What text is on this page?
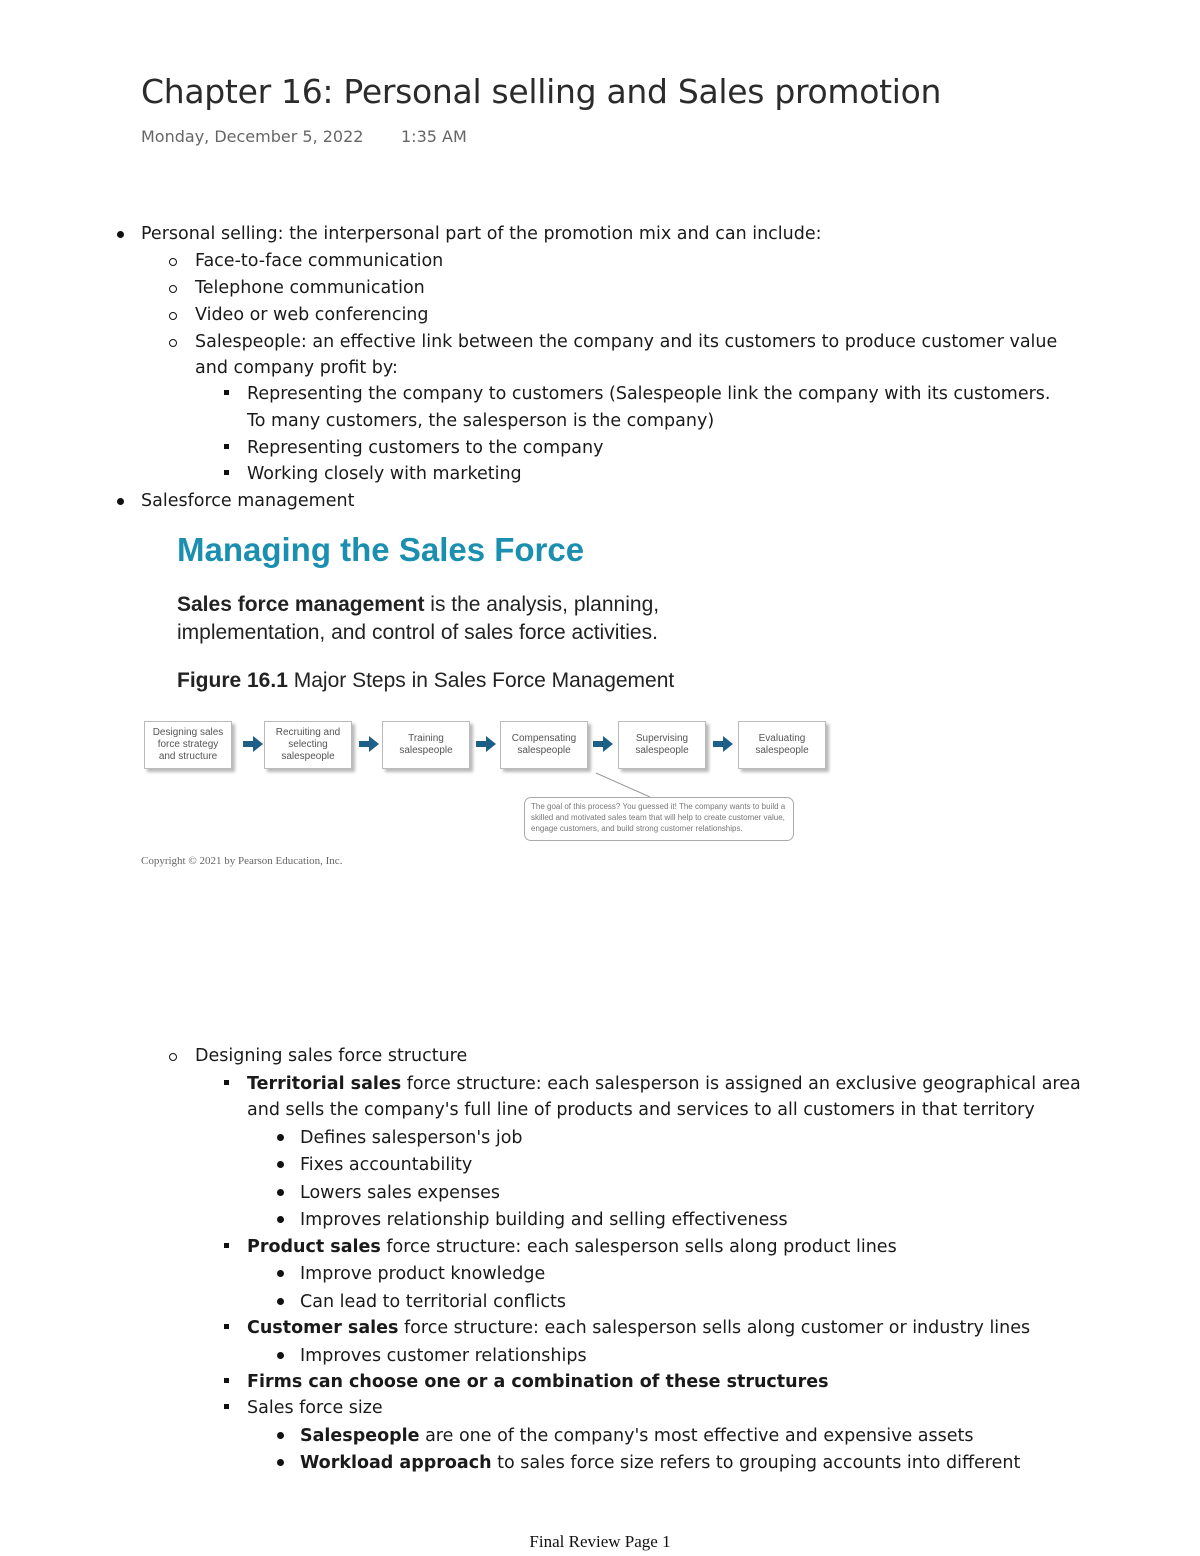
Chapter 16: Personal selling and Sales promotion
Monday, December 5, 2022 1:35 AM
Personal selling: the interpersonal part of the promotion mix and can include:
Face-to-face communication
Telephone communication
Video or web conferencing
Salespeople: an effective link between the company and its customers to produce customer value
and company profit by:
Representing the company to customers (Salespeople link the company with its customers.
To many customers, the salesperson is the company)
Representing customers to the company
Working closely with marketing
Salesforce management
Managing the Sales Force
Sales force management is the analysis, planning, implementation, and control of sales force activities.
Figure 16.1 Major Steps in Sales Force Management
Designing sales force strategy and structure
Recruiting and selecting salespeople
Training salespeople
Compensating salespeople
Supervising salespeople
Evaluating salespeople
The goal of this process? You guessed it! The company wants to build a skilled and motivated sales team that will help to create customer value, engage customers, and build strong customer relationships.
Copyright © 2021 by Pearson Education, Inc.
Designing sales force structure
Territorial sales force structure: each salesperson is assigned an exclusive geographical area
and sells the company's full line of products and services to all customers in that territory
Defines salesperson's job
Fixes accountability
Lowers sales expenses
Improves relationship building and selling effectiveness
Product sales force structure: each salesperson sells along product lines
Improve product knowledge
Can lead to territorial conflicts
Customer sales force structure: each salesperson sells along customer or industry lines
Improves customer relationships
Firms can choose one or a combination of these structures
Sales force size
Salespeople are one of the company's most effective and expensive assets
Workload approach to sales force size refers to grouping accounts into different
Final Review Page 1
